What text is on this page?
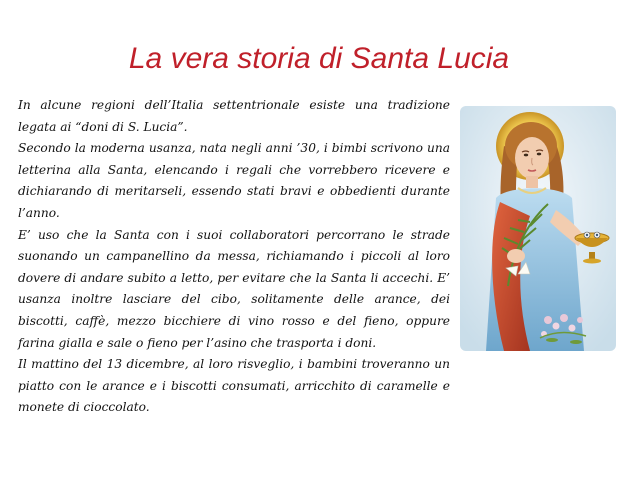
La vera storia di Santa Lucia

In alcune regioni dell’Italia settentrionale esiste una tradizione legata ai “doni di S. Lucia”.

Secondo la moderna usanza, nata negli anni ’30, i bimbi scrivono una letterina alla Santa, elencando i regali che vorrebbero ricevere e dichiarando di meritarseli, essendo stati bravi e obbedienti durante l’anno.

E’ uso che la Santa con i suoi collaboratori percorrano le strade suonando un campanellino da messa, richiamando i piccoli al loro dovere di andare subito a letto, per evitare che la Santa li accechi. E’ usanza inoltre lasciare del cibo, solitamente delle arance, dei biscotti, caffè, mezzo bicchiere di vino rosso e del fieno, oppure farina gialla e sale o fieno per l’asino che trasporta i doni.

Il mattino del 13 dicembre, al loro risveglio, i bambini troveranno un piatto con le arance e i biscotti consumati, arricchito di caramelle e monete di cioccolato.
